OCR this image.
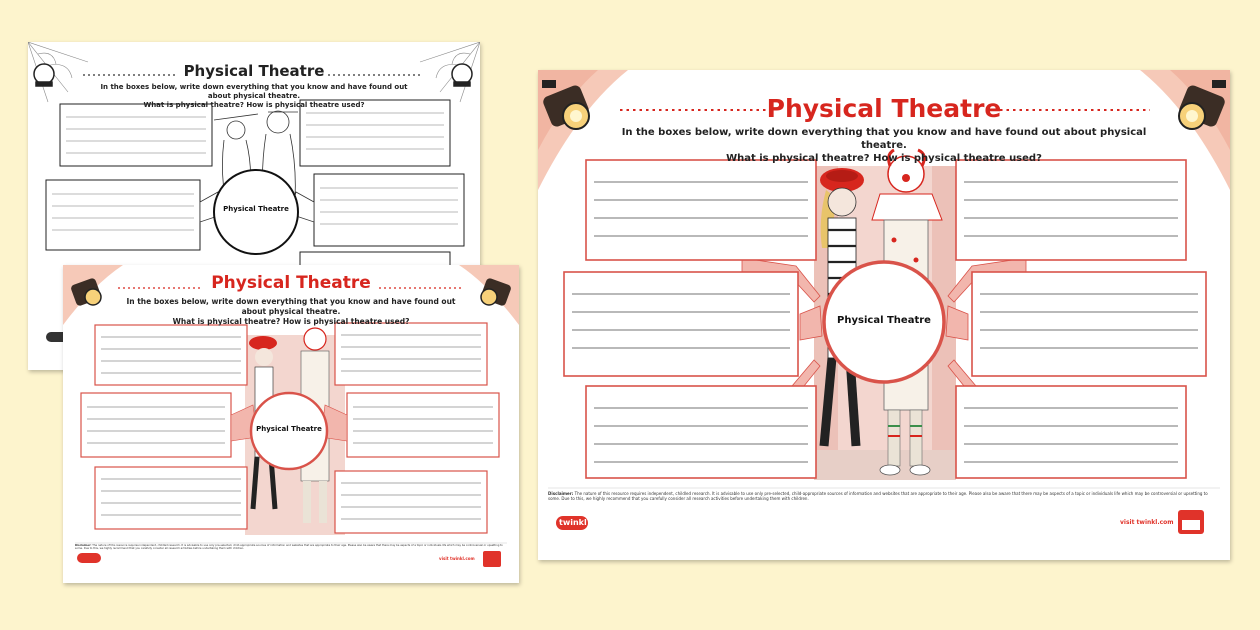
Physical Theatre
In the boxes below, write down everything that you know and have found out about physical theatre.
What is physical theatre? How is physical theatre used?
Physical Theatre
Physical Theatre
In the boxes below, write down everything that you know and have found out about physical theatre.
What is physical theatre? How is physical theatre used?
Physical Theatre
Disclaimer: The nature of this resource requires independent, childled research. It is advisable to use only pre-selected, child-appropriate sources of information and websites that are appropriate to their age. Please also be aware that there may be aspects of a topic or individuals life which may be controversial or upsetting to some. Due to this, we highly recommend that you carefully consider all research activities before undertaking them with children.
visit twinkl.com
Physical Theatre
In the boxes below, write down everything that you know and have found out about physical theatre.
What is physical theatre? How is physical theatre used?
Physical Theatre
Disclaimer: The nature of this resource requires independent, childled research. It is advisable to use only pre-selected, child-appropriate sources of information and websites that are appropriate to their age. Please also be aware that there may be aspects of a topic or individuals life which may be controversial or upsetting to some. Due to this, we highly recommend that you carefully consider all research activities before undertaking them with children.
twinkl	visit twinkl.com
